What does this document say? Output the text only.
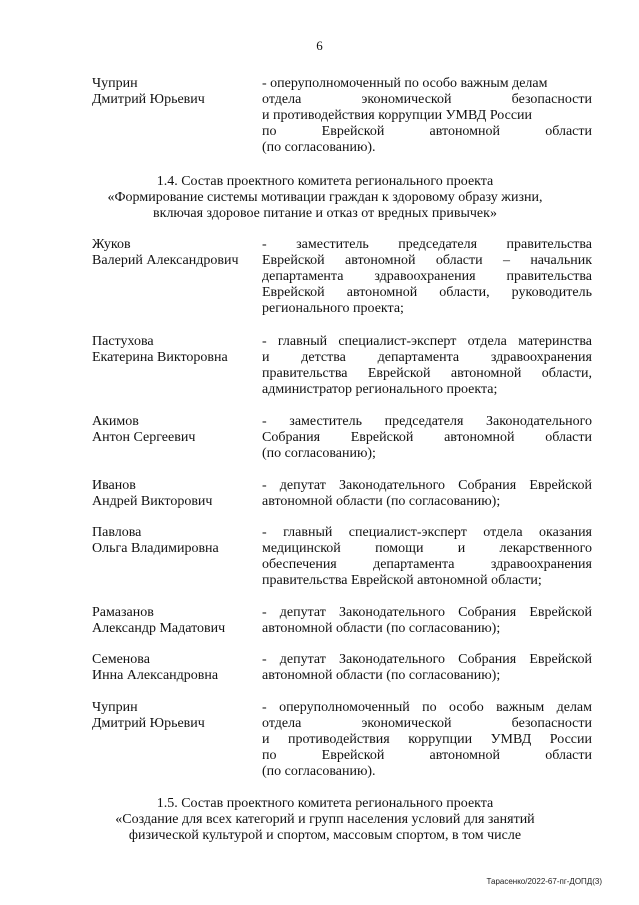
6
Чуприн
Дмитрий Юрьевич
- оперуполномоченный по особо важным делам
отдела экономической безопасности
и противодействия коррупции УМВД России
по Еврейской автономной области
(по согласованию).
1.4. Состав проектного комитета регионального проекта
«Формирование системы мотивации граждан к здоровому образу жизни,
включая здоровое питание и отказ от вредных привычек»
Жуков
Валерий Александрович
- заместитель председателя правительства
Еврейской автономной области – начальник
департамента здравоохранения правительства
Еврейской автономной области, руководитель
регионального проекта;
Пастухова
Екатерина Викторовна
- главный специалист-эксперт отдела материнства
и детства департамента здравоохранения
правительства Еврейской автономной области,
администратор регионального проекта;
Акимов
Антон Сергеевич
- заместитель председателя Законодательного
Собрания Еврейской автономной области
(по согласованию);
Иванов
Андрей Викторович
- депутат Законодательного Собрания Еврейской
автономной области (по согласованию);
Павлова
Ольга Владимировна
- главный специалист-эксперт отдела оказания
медицинской помощи и лекарственного
обеспечения департамента здравоохранения
правительства Еврейской автономной области;
Рамазанов
Александр Мадатович
- депутат Законодательного Собрания Еврейской
автономной области (по согласованию);
Семенова
Инна Александровна
- депутат Законодательного Собрания Еврейской
автономной области (по согласованию);
Чуприн
Дмитрий Юрьевич
- оперуполномоченный по особо важным делам
отдела экономической безопасности
и противодействия коррупции УМВД России
по Еврейской автономной области
(по согласованию).
1.5. Состав проектного комитета регионального проекта
«Создание для всех категорий и групп населения условий для занятий
физической культурой и спортом, массовым спортом, в том числе
Тарасенко/2022-67-пг-ДОПД(3)
